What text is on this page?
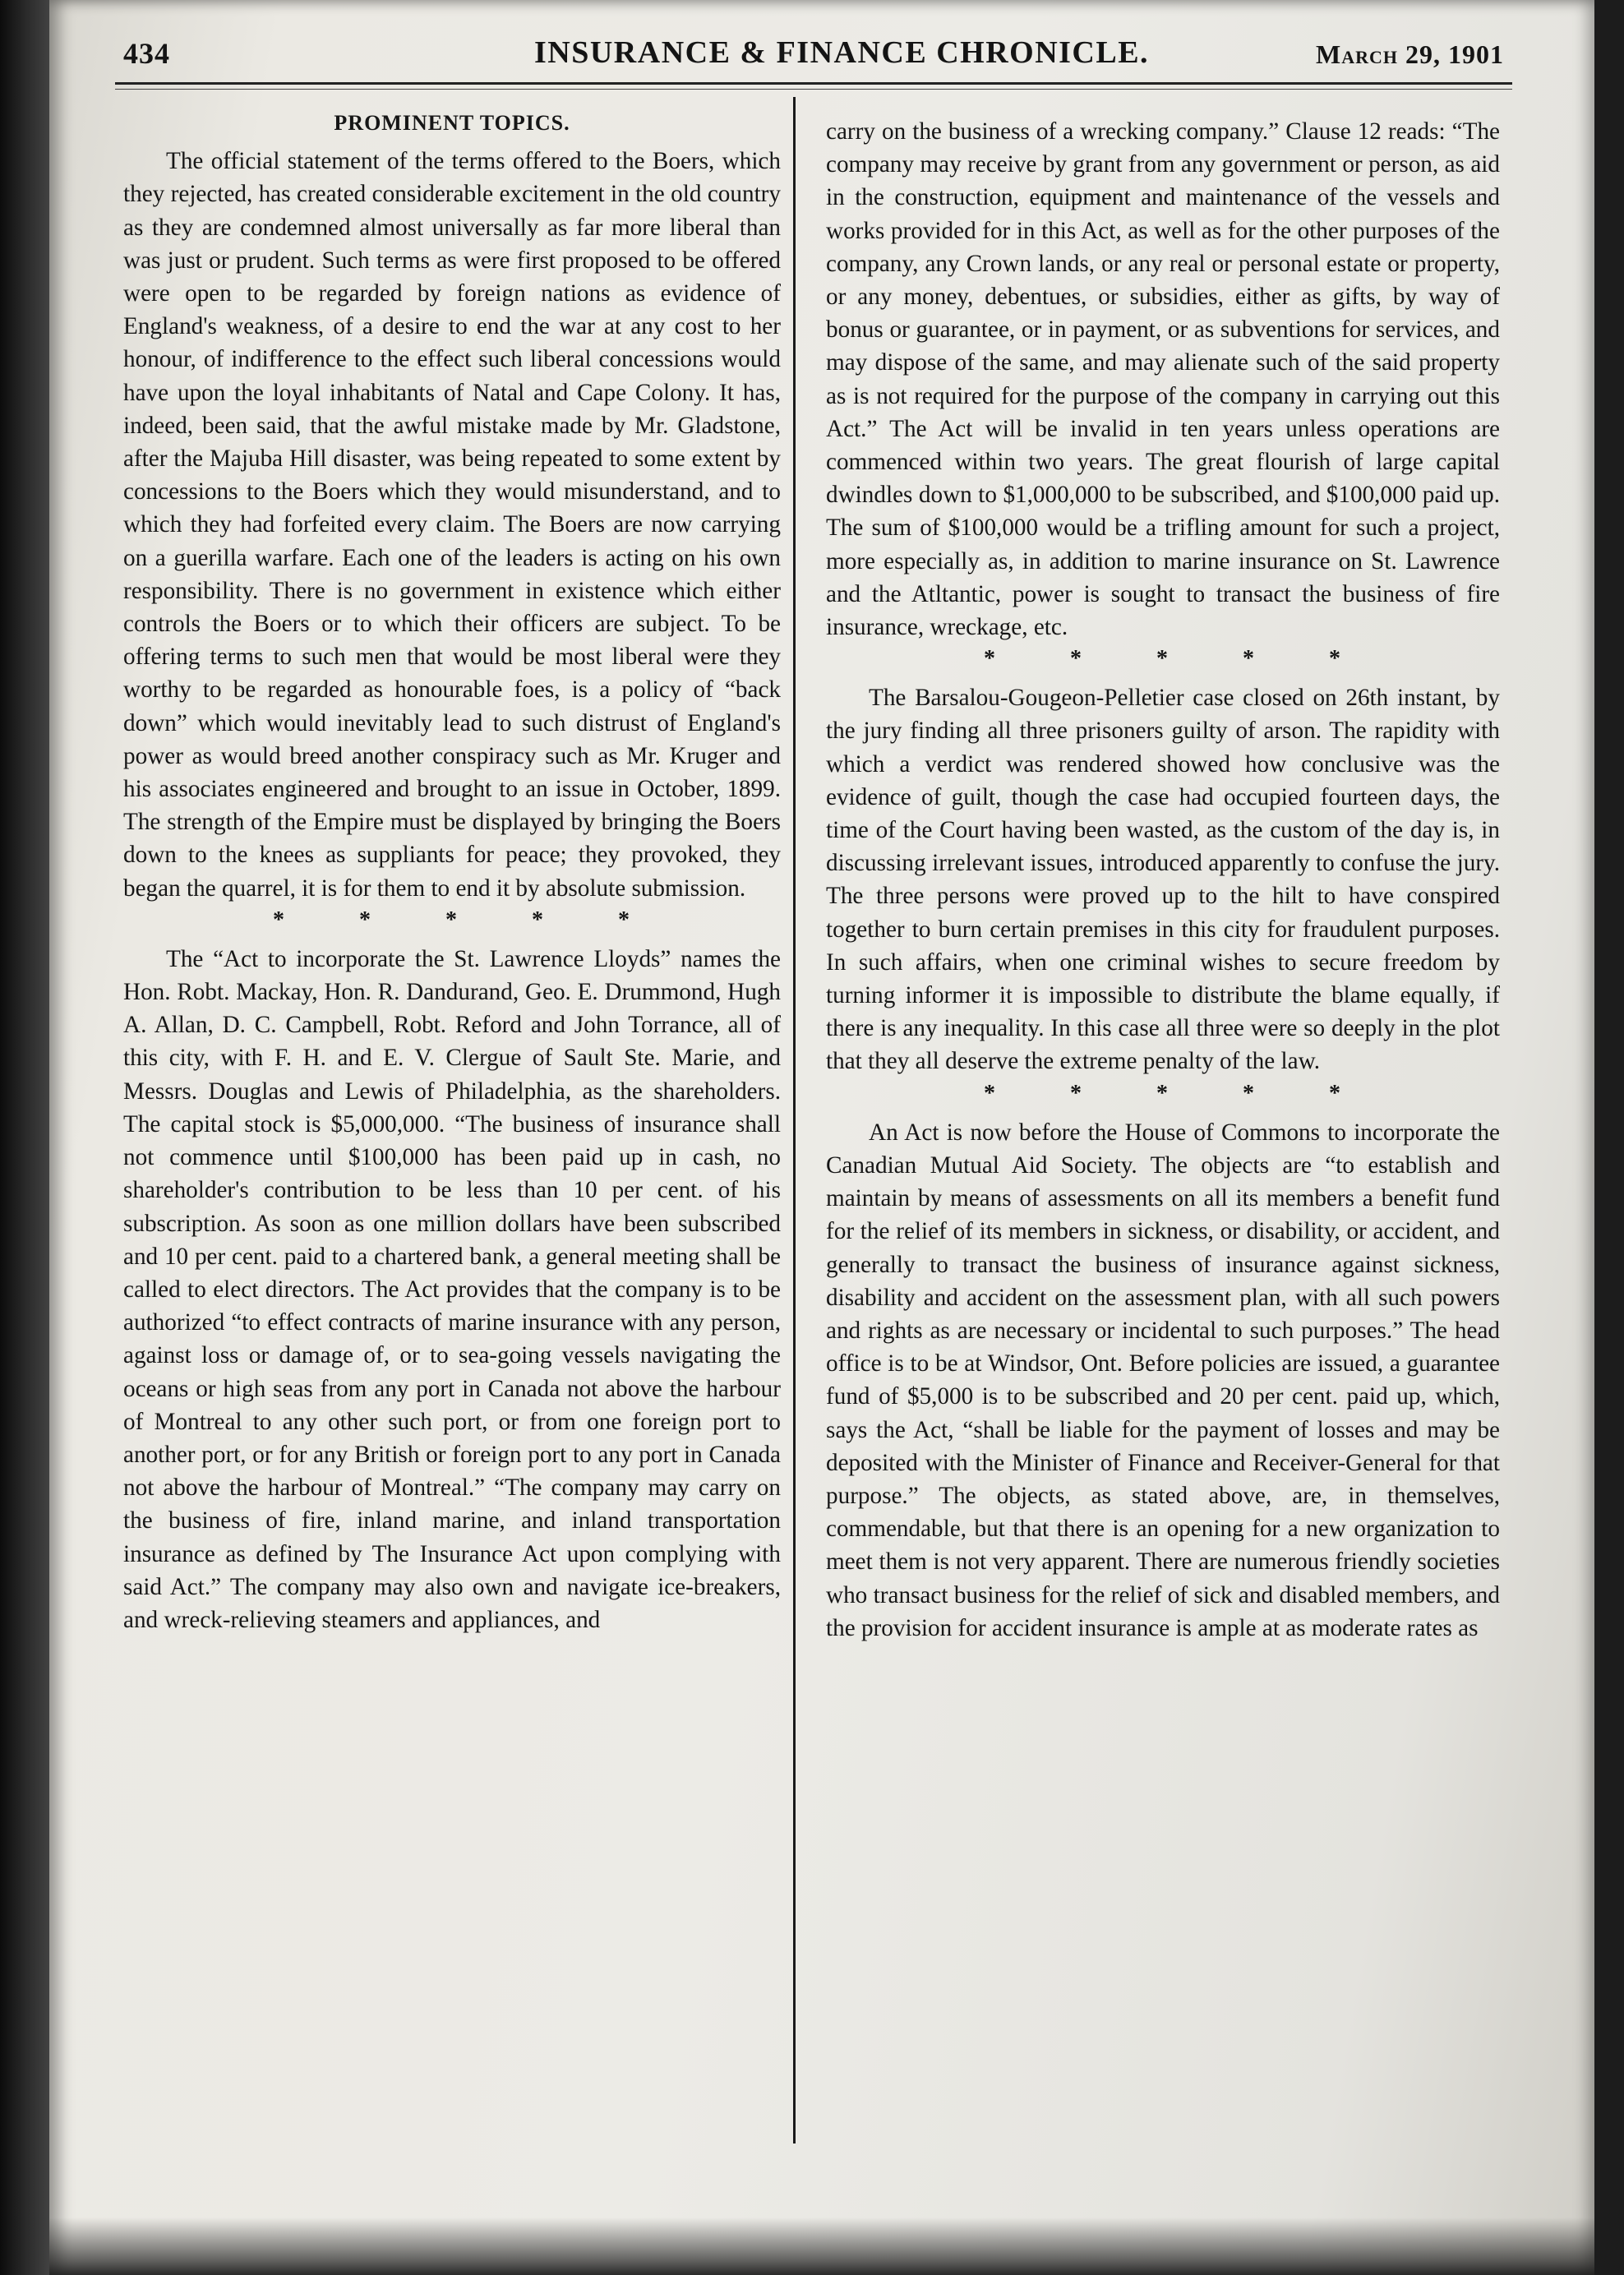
434	INSURANCE & FINANCE CHRONICLE.	March 29, 1901
PROMINENT TOPICS.

The official statement of the terms offered to the Boers, which they rejected, has created considerable excitement in the old country as they are condemned almost universally as far more liberal than was just or prudent. Such terms as were first proposed to be offered were open to be regarded by foreign nations as evidence of England's weakness, of a desire to end the war at any cost to her honour, of indifference to the effect such liberal concessions would have upon the loyal inhabitants of Natal and Cape Colony. It has, indeed, been said, that the awful mistake made by Mr. Gladstone, after the Majuba Hill disaster, was being repeated to some extent by concessions to the Boers which they would misunderstand, and to which they had forfeited every claim. The Boers are now carrying on a guerilla warfare. Each one of the leaders is acting on his own responsibility. There is no government in existence which either controls the Boers or to which their officers are subject. To be offering terms to such men that would be most liberal were they worthy to be regarded as honourable foes, is a policy of “back down” which would inevitably lead to such distrust of England's power as would breed another conspiracy such as Mr. Kruger and his associates engineered and brought to an issue in October, 1899. The strength of the Empire must be displayed by bringing the Boers down to the knees as suppliants for peace; they provoked, they began the quarrel, it is for them to end it by absolute submission.

* * * * *

The “Act to incorporate the St. Lawrence Lloyds” names the Hon. Robt. Mackay, Hon. R. Dandurand, Geo. E. Drummond, Hugh A. Allan, D. C. Campbell, Robt. Reford and John Torrance, all of this city, with F. H. and E. V. Clergue of Sault Ste. Marie, and Messrs. Douglas and Lewis of Philadelphia, as the shareholders. The capital stock is $5,000,000. “The business of insurance shall not commence until $100,000 has been paid up in cash, no shareholder's contribution to be less than 10 per cent. of his subscription. As soon as one million dollars have been subscribed and 10 per cent. paid to a chartered bank, a general meeting shall be called to elect directors. The Act provides that the company is to be authorized “to effect contracts of marine insurance with any person, against loss or damage of, or to sea-going vessels navigating the oceans or high seas from any port in Canada not above the harbour of Montreal to any other such port, or from one foreign port to another port, or for any British or foreign port to any port in Canada not above the harbour of Montreal.” “The company may carry on the business of fire, inland marine, and inland transportation insurance as defined by The Insurance Act upon complying with said Act.” The company may also own and navigate ice-breakers, and wreck-relieving steamers and appliances, and

carry on the business of a wrecking company.” Clause 12 reads: “The company may receive by grant from any government or person, as aid in the construction, equipment and maintenance of the vessels and works provided for in this Act, as well as for the other purposes of the company, any Crown lands, or any real or personal estate or property, or any money, debentues, or subsidies, either as gifts, by way of bonus or guarantee, or in payment, or as subventions for services, and may dispose of the same, and may alienate such of the said property as is not required for the purpose of the company in carrying out this Act.” The Act will be invalid in ten years unless operations are commenced within two years. The great flourish of large capital dwindles down to $1,000,000 to be subscribed, and $100,000 paid up. The sum of $100,000 would be a trifling amount for such a project, more especially as, in addition to marine insurance on St. Lawrence and the Atltantic, power is sought to transact the business of fire insurance, wreckage, etc.

* * * * *

The Barsalou-Gougeon-Pelletier case closed on 26th instant, by the jury finding all three prisoners guilty of arson. The rapidity with which a verdict was rendered showed how conclusive was the evidence of guilt, though the case had occupied fourteen days, the time of the Court having been wasted, as the custom of the day is, in discussing irrelevant issues, introduced apparently to confuse the jury. The three persons were proved up to the hilt to have conspired together to burn certain premises in this city for fraudulent purposes. In such affairs, when one criminal wishes to secure freedom by turning informer it is impossible to distribute the blame equally, if there is any inequality. In this case all three were so deeply in the plot that they all deserve the extreme penalty of the law.

* * * * *

An Act is now before the House of Commons to incorporate the Canadian Mutual Aid Society. The objects are “to establish and maintain by means of assessments on all its members a benefit fund for the relief of its members in sickness, or disability, or accident, and generally to transact the business of insurance against sickness, disability and accident on the assessment plan, with all such powers and rights as are necessary or incidental to such purposes.” The head office is to be at Windsor, Ont. Before policies are issued, a guarantee fund of $5,000 is to be subscribed and 20 per cent. paid up, which, says the Act, “shall be liable for the payment of losses and may be deposited with the Minister of Finance and Receiver-General for that purpose.” The objects, as stated above, are, in themselves, commendable, but that there is an opening for a new organization to meet them is not very apparent. There are numerous friendly societies who transact business for the relief of sick and disabled members, and the provision for accident insurance is ample at as moderate rates as
